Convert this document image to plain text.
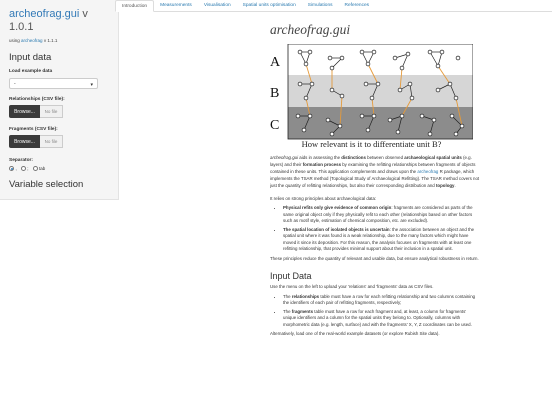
archeofrag.gui v 1.0.1
using archeofrag v 1.1.1
Input data
Load example data
-	▾
Relationships (CSV file):
Browse...	No file
Fragments (CSV file):
Browse...	No file
Separator:
, ; tab
Variable selection
Introduction	Measurements	Visualisation	Spatial units optimisation	Simulations	References
archeofrag.gui
A
B
C
How relevant is it to differentiate unit B?

archeofrag.gui aids in assessing the distinctions between observed archaeological spatial units (e.g. layers) and their formation process by examining the refitting relationships between fragments of objects contained in these units. This application complements and draws upon the archeofrag R package, which implements the TSAR method (Topological Study of Archaeological Refitting). The TSAR method covers not just the quantity of refitting relationships, but also their corresponding distribution and topology.

It relies on strong principles about archaeological data:

• Physical refits only give evidence of common origin: fragments are considered as parts of the same original object only if they physically refit to each other (relationships based on other factors such as motif style, estimation of chemical composition, etc. are excluded).
• The spatial location of isolated objects is uncertain: the association between an object and the spatial unit where it was found is a weak relationship, due to the many factors which might have moved it since its deposition. For this reason, the analysis focuses on fragments with at least one refitting relationship, that provides minimal support about their inclusion in a spatial unit.

These principles reduce the quantity of relevant and usable data, but ensure analytical robustness in return.

Input Data

Use the menu on the left to upload your 'relations' and 'fragments' data as CSV files.

• The relationships table must have a row for each refitting relationship and two columns containing the identifiers of each pair of refitting fragments, respectively;
• The fragments table must have a row for each fragment and, at least, a column for fragments' unique identifiers and a column for the spatial units they belong to. Optionally, columns with morphometric data (e.g. length, surface) and with the fragments' X, Y, Z coordinates can be used.

Alternatively, load one of the real-world example datasets (or explore Rubish Site data).
